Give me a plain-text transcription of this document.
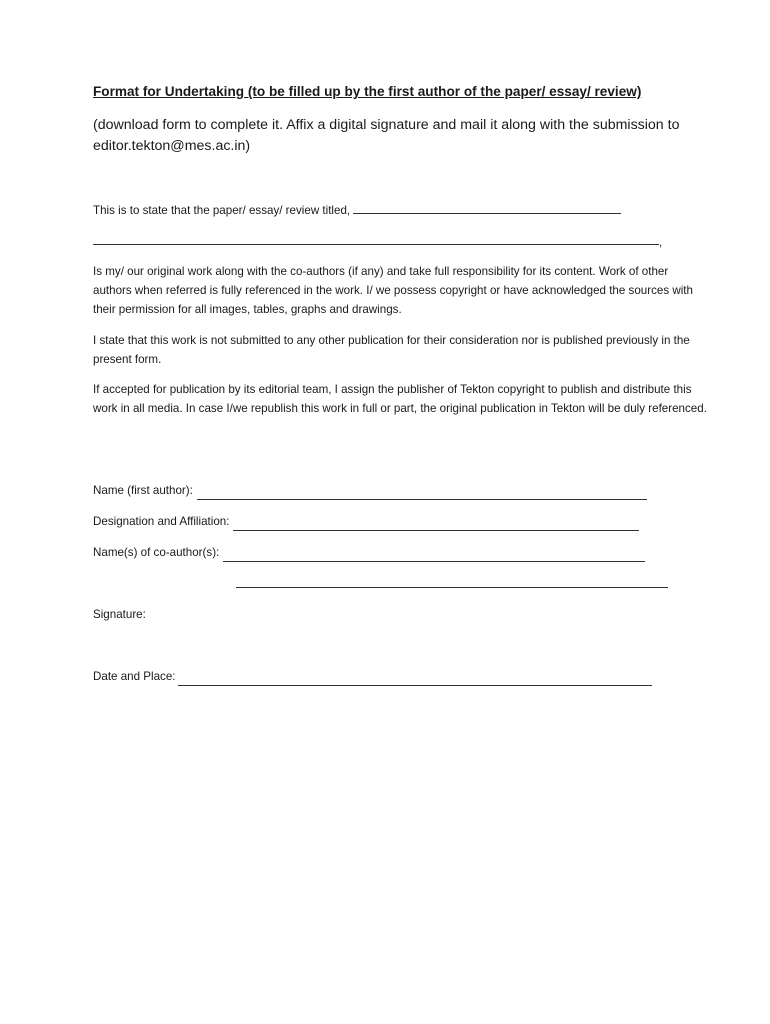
Format for Undertaking (to be filled up by the first author of the paper/ essay/ review)
(download form to complete it. Affix a digital signature and mail it along with the submission to editor.tekton@mes.ac.in)
This is to state that the paper/ essay/ review titled,
,
Is my/ our original work along with the co-authors (if any) and take full responsibility for its content. Work of other authors when referred is fully referenced in the work. I/ we possess copyright or have acknowledged the sources with their permission for all images, tables, graphs and drawings.
I state that this work is not submitted to any other publication for their consideration nor is published previously in the present form.
If accepted for publication by its editorial team, I assign the publisher of Tekton copyright to publish and distribute this work in all media. In case I/we republish this work in full or part, the original publication in Tekton will be duly referenced.
Name (first author):
Designation and Affiliation:
Name(s) of co-author(s):
Signature:
Date and Place:
